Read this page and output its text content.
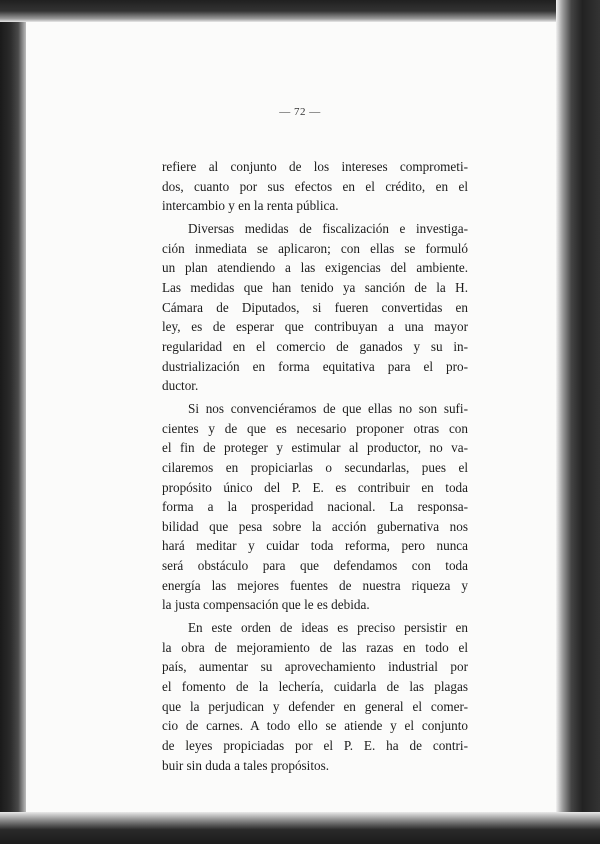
— 72 —
refiere al conjunto de los intereses comprometi-
dos, cuanto por sus efectos en el crédito, en el
intercambio y en la renta pública.
Diversas medidas de fiscalización e investiga-
ción inmediata se aplicaron; con ellas se formuló
un plan atendiendo a las exigencias del ambiente.
Las medidas que han tenido ya sanción de la H.
Cámara de Diputados, si fueren convertidas en
ley, es de esperar que contribuyan a una mayor
regularidad en el comercio de ganados y su in-
dustrialización en forma equitativa para el pro-
ductor.
Si nos convenciéramos de que ellas no son sufi-
cientes y de que es necesario proponer otras con
el fin de proteger y estimular al productor, no va-
cilaremos en propiciarlas o secundarlas, pues el
propósito único del P. E. es contribuir en toda
forma a la prosperidad nacional. La responsa-
bilidad que pesa sobre la acción gubernativa nos
hará meditar y cuidar toda reforma, pero nunca
será obstáculo para que defendamos con toda
energía las mejores fuentes de nuestra riqueza y
la justa compensación que le es debida.
En este orden de ideas es preciso persistir en
la obra de mejoramiento de las razas en todo el
país, aumentar su aprovechamiento industrial por
el fomento de la lechería, cuidarla de las plagas
que la perjudican y defender en general el comer-
cio de carnes. A todo ello se atiende y el conjunto
de leyes propiciadas por el P. E. ha de contri-
buir sin duda a tales propósitos.
